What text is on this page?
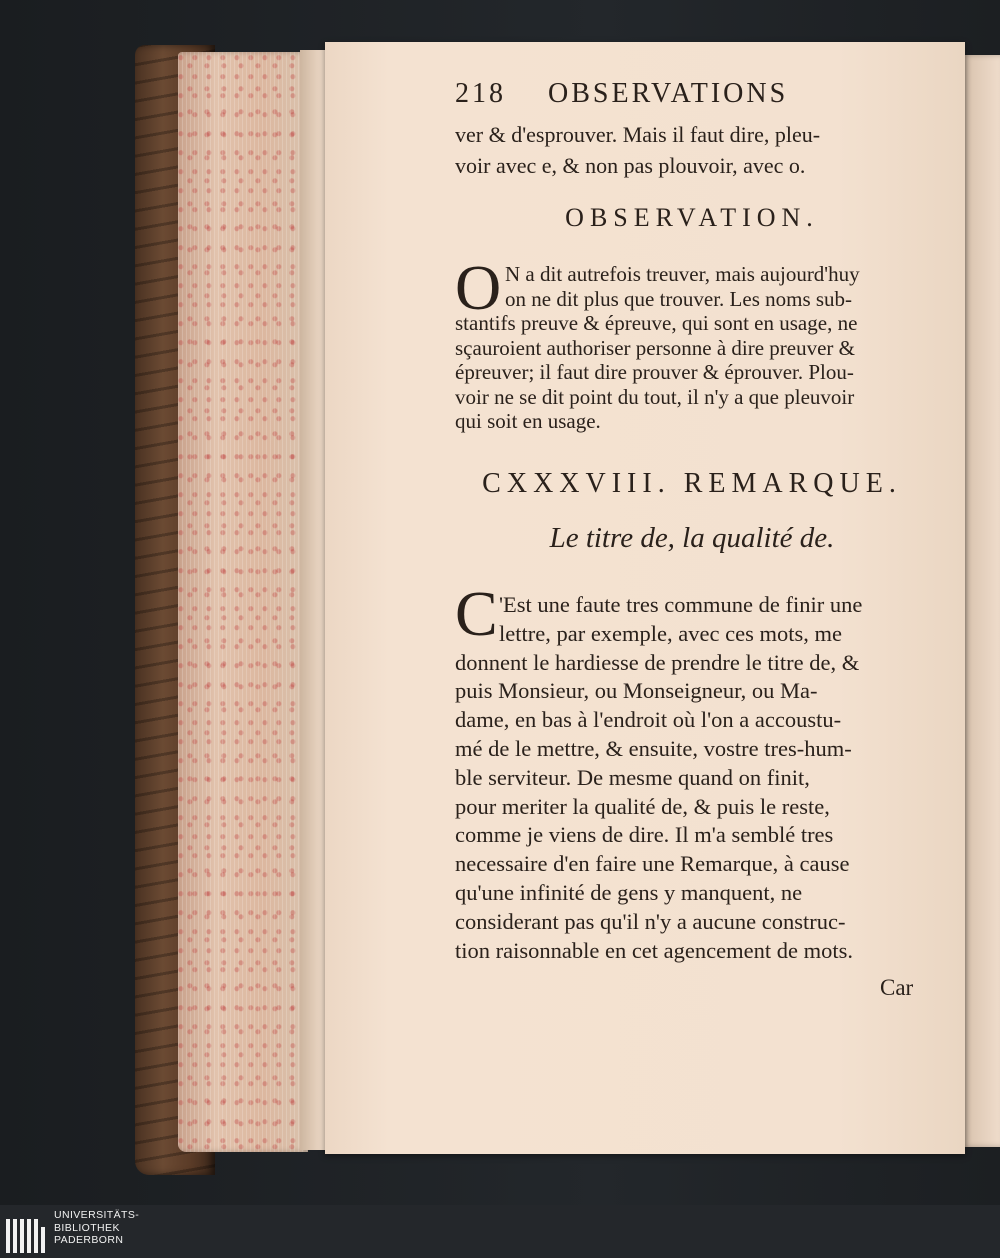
218 OBSERVATIONS
ver & d'esprouver. Mais il faut dire, pleu-
voir avec e, & non pas plouvoir, avec o.
OBSERVATION.
O N a dit autrefois treuver, mais aujourd'huy
on ne dit plus que trouver. Les noms sub-
stantifs preuve & épreuve, qui sont en usage, ne
sçauroient authoriser personne à dire preuver &
épreuver; il faut dire prouver & éprouver. Plou-
voir ne se dit point du tout, il n'y a que pleuvoir
qui soit en usage.
CXXXVIII. REMARQUE.
Le titre de, la qualité de.
C 'Est une faute tres commune de finir une
lettre, par exemple, avec ces mots, me
donnent le hardiesse de prendre le titre de, &
puis Monsieur, ou Monseigneur, ou Ma-
dame, en bas à l'endroit où l'on a accoustu-
mé de le mettre, & ensuite, vostre tres-hum-
ble serviteur. De mesme quand on finit,
pour meriter la qualité de, & puis le reste,
comme je viens de dire. Il m'a semblé tres
necessaire d'en faire une Remarque, à cause
qu'une infinité de gens y manquent, ne
considerant pas qu'il n'y a aucune construc-
tion raisonnable en cet agencement de mots.
Car
UNIVERSITÄTS-
BIBLIOTHEK
PADERBORN
